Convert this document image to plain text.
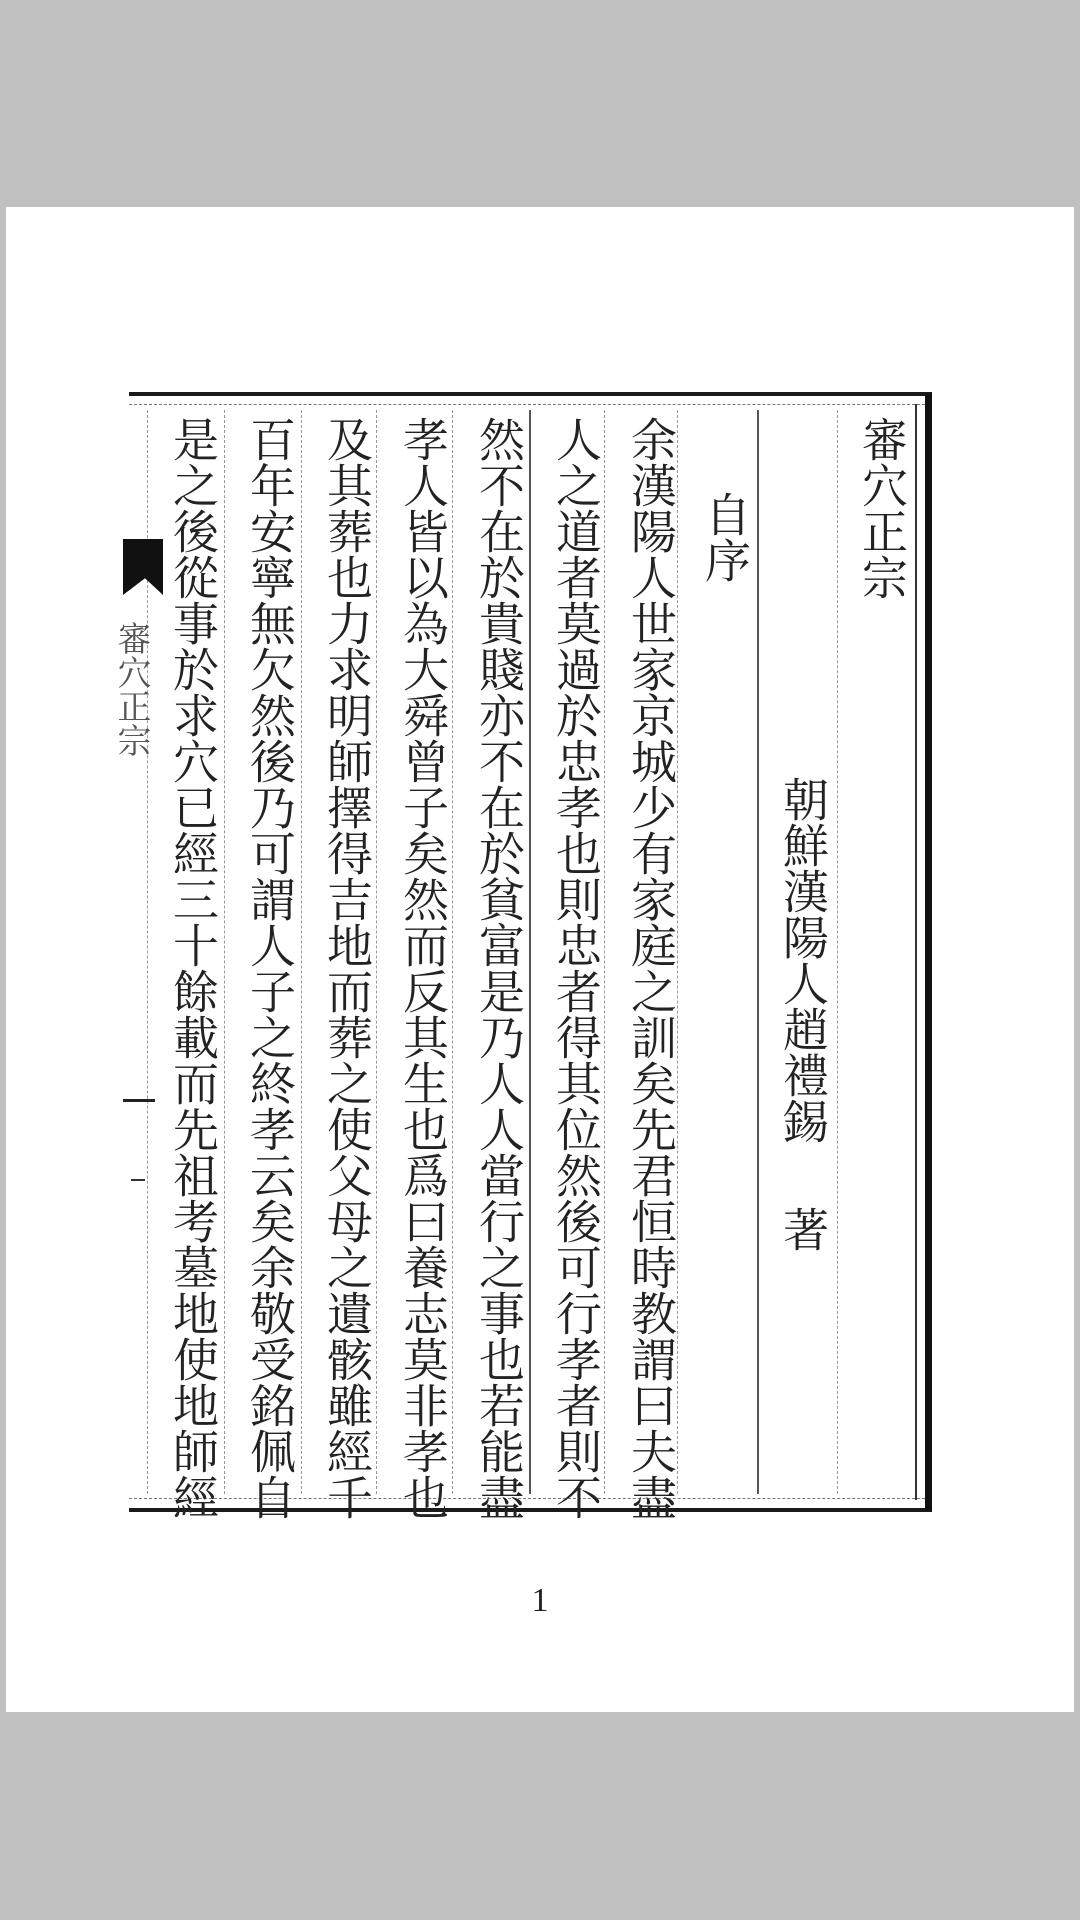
審穴正宗
朝鮮漢陽人趙禮錫
著
自序
余漢陽人世家京城少有家庭之訓矣先君恒時教謂曰夫盡
人之道者莫過於忠孝也則忠者得其位然後可行孝者則不
然不在於貴賤亦不在於貧富是乃人人當行之事也若能盡
孝人皆以為大舜曾子矣然而反其生也爲曰養志莫非孝也
及其葬也力求明師擇得吉地而葬之使父母之遺骸雖經千
百年安寧無欠然後乃可謂人子之終孝云矣余敬受銘佩自
是之後從事於求穴已經三十餘載而先祖考墓地使地師經
審穴正宗
1
